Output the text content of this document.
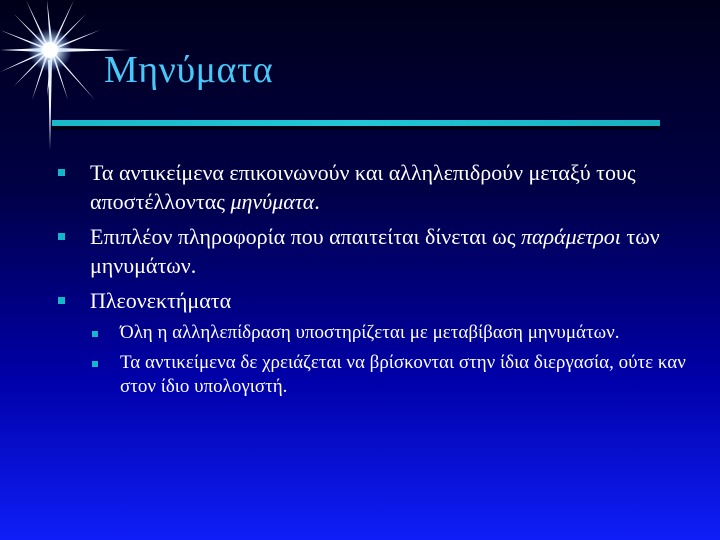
Μηνύματα
Τα αντικείμενα επικοινωνούν και αλληλεπιδρούν μεταξύ τους αποστέλλοντας μηνύματα.
Επιπλέον πληροφορία που απαιτείται δίνεται ως παράμετροι των μηνυμάτων.
Πλεονεκτήματα
Όλη η αλληλεπίδραση υποστηρίζεται με μεταβίβαση μηνυμάτων.
Τα αντικείμενα δε χρειάζεται να βρίσκονται στην ίδια διεργασία, ούτε καν στον ίδιο υπολογιστή.
